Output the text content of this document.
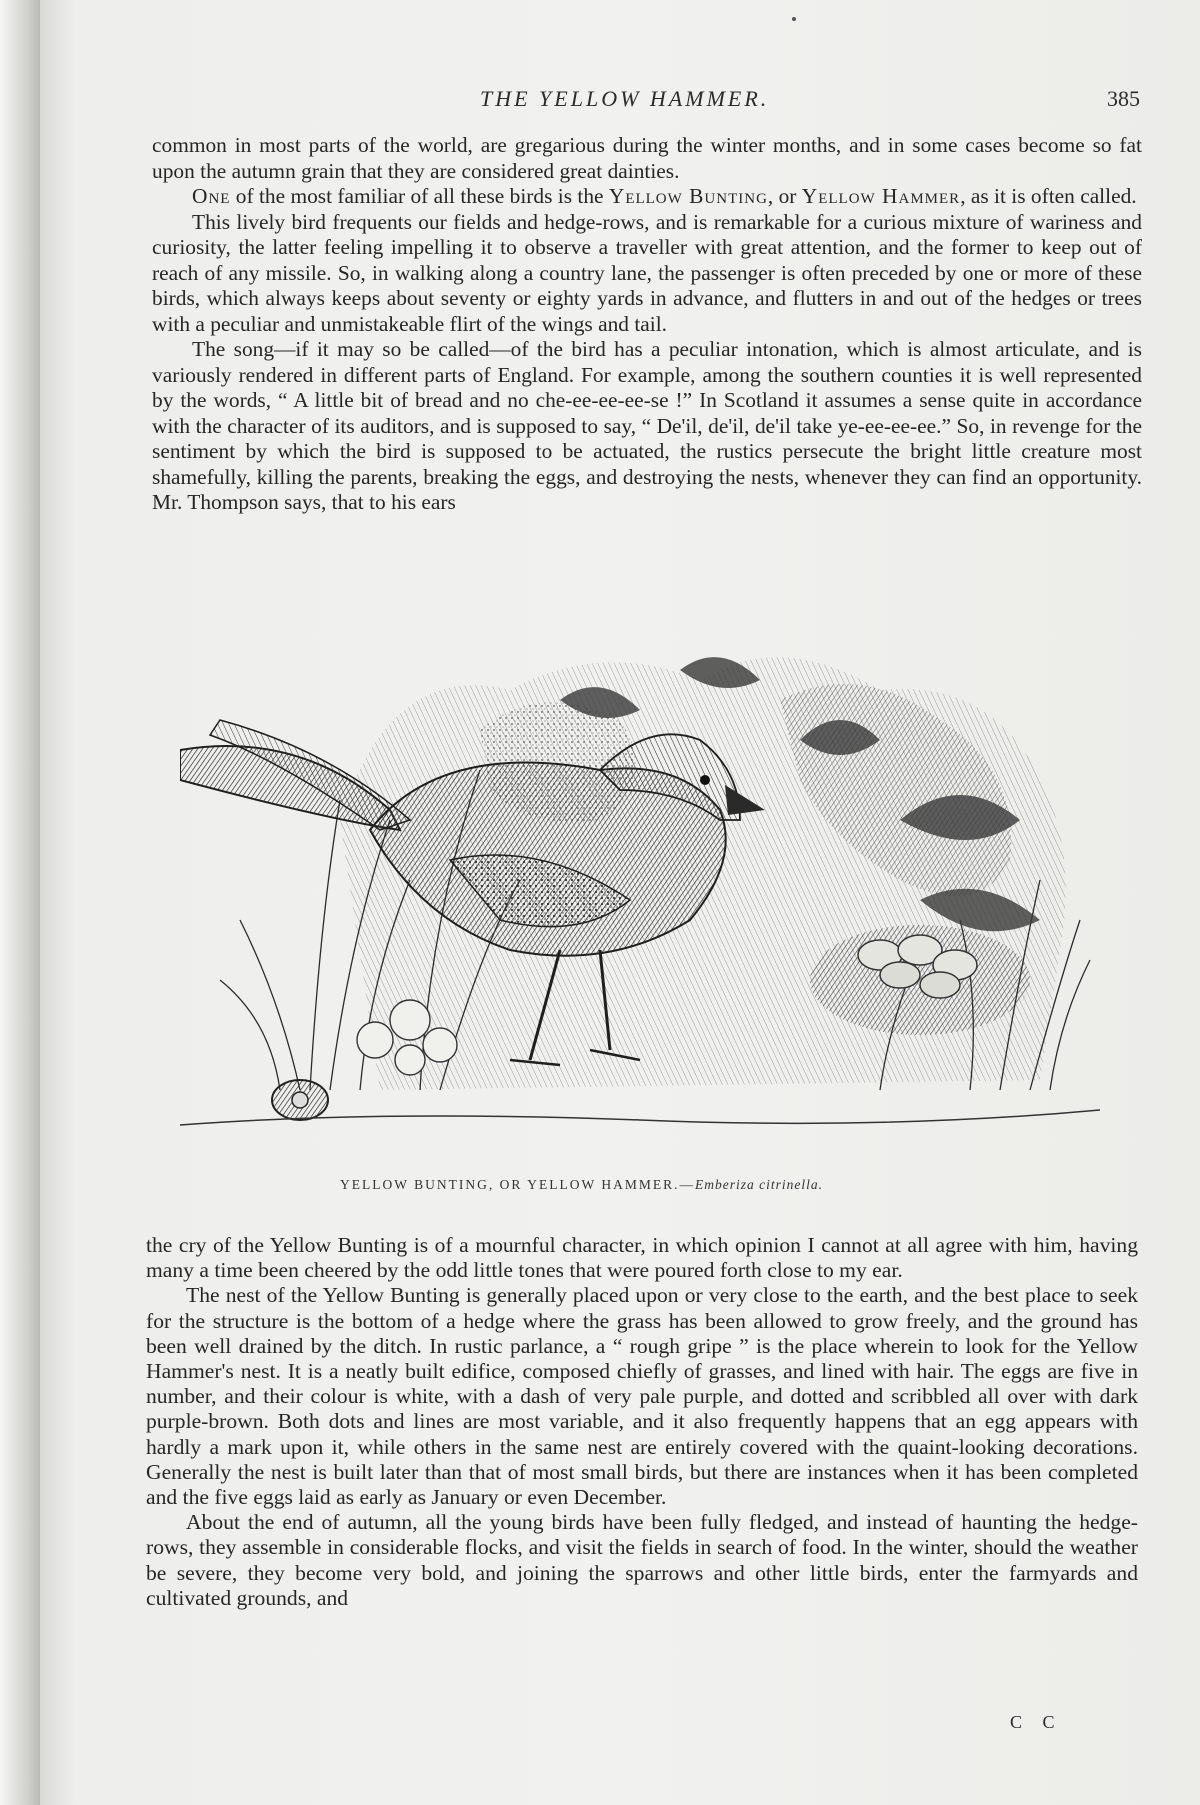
THE YELLOW HAMMER.	385

common in most parts of the world, are gregarious during the winter months, and in some cases become so fat upon the autumn grain that they are considered great dainties.

One of the most familiar of all these birds is the Yellow Bunting, or Yellow Hammer, as it is often called.

This lively bird frequents our fields and hedge-rows, and is remarkable for a curious mixture of wariness and curiosity, the latter feeling impelling it to observe a traveller with great attention, and the former to keep out of reach of any missile. So, in walking along a country lane, the passenger is often preceded by one or more of these birds, which always keeps about seventy or eighty yards in advance, and flutters in and out of the hedges or trees with a peculiar and unmistakeable flirt of the wings and tail.

The song—if it may so be called—of the bird has a peculiar intonation, which is almost articulate, and is variously rendered in different parts of England. For example, among the southern counties it is well represented by the words, “ A little bit of bread and no che-ee-ee-ee-se !” In Scotland it assumes a sense quite in accordance with the character of its auditors, and is supposed to say, “ De'il, de'il, de'il take ye-ee-ee-ee.” So, in revenge for the sentiment by which the bird is supposed to be actuated, the rustics persecute the bright little creature most shamefully, killing the parents, breaking the eggs, and destroying the nests, whenever they can find an opportunity. Mr. Thompson says, that to his ears

YELLOW BUNTING, OR YELLOW HAMMER.—Emberiza citrinella.

the cry of the Yellow Bunting is of a mournful character, in which opinion I cannot at all agree with him, having many a time been cheered by the odd little tones that were poured forth close to my ear.

The nest of the Yellow Bunting is generally placed upon or very close to the earth, and the best place to seek for the structure is the bottom of a hedge where the grass has been allowed to grow freely, and the ground has been well drained by the ditch. In rustic parlance, a “ rough gripe ” is the place wherein to look for the Yellow Hammer's nest. It is a neatly built edifice, composed chiefly of grasses, and lined with hair. The eggs are five in number, and their colour is white, with a dash of very pale purple, and dotted and scribbled all over with dark purple-brown. Both dots and lines are most variable, and it also frequently happens that an egg appears with hardly a mark upon it, while others in the same nest are entirely covered with the quaint-looking decorations. Generally the nest is built later than that of most small birds, but there are instances when it has been completed and the five eggs laid as early as January or even December.

About the end of autumn, all the young birds have been fully fledged, and instead of haunting the hedge-rows, they assemble in considerable flocks, and visit the fields in search of food. In the winter, should the weather be severe, they become very bold, and joining the sparrows and other little birds, enter the farmyards and cultivated grounds, and

C C
